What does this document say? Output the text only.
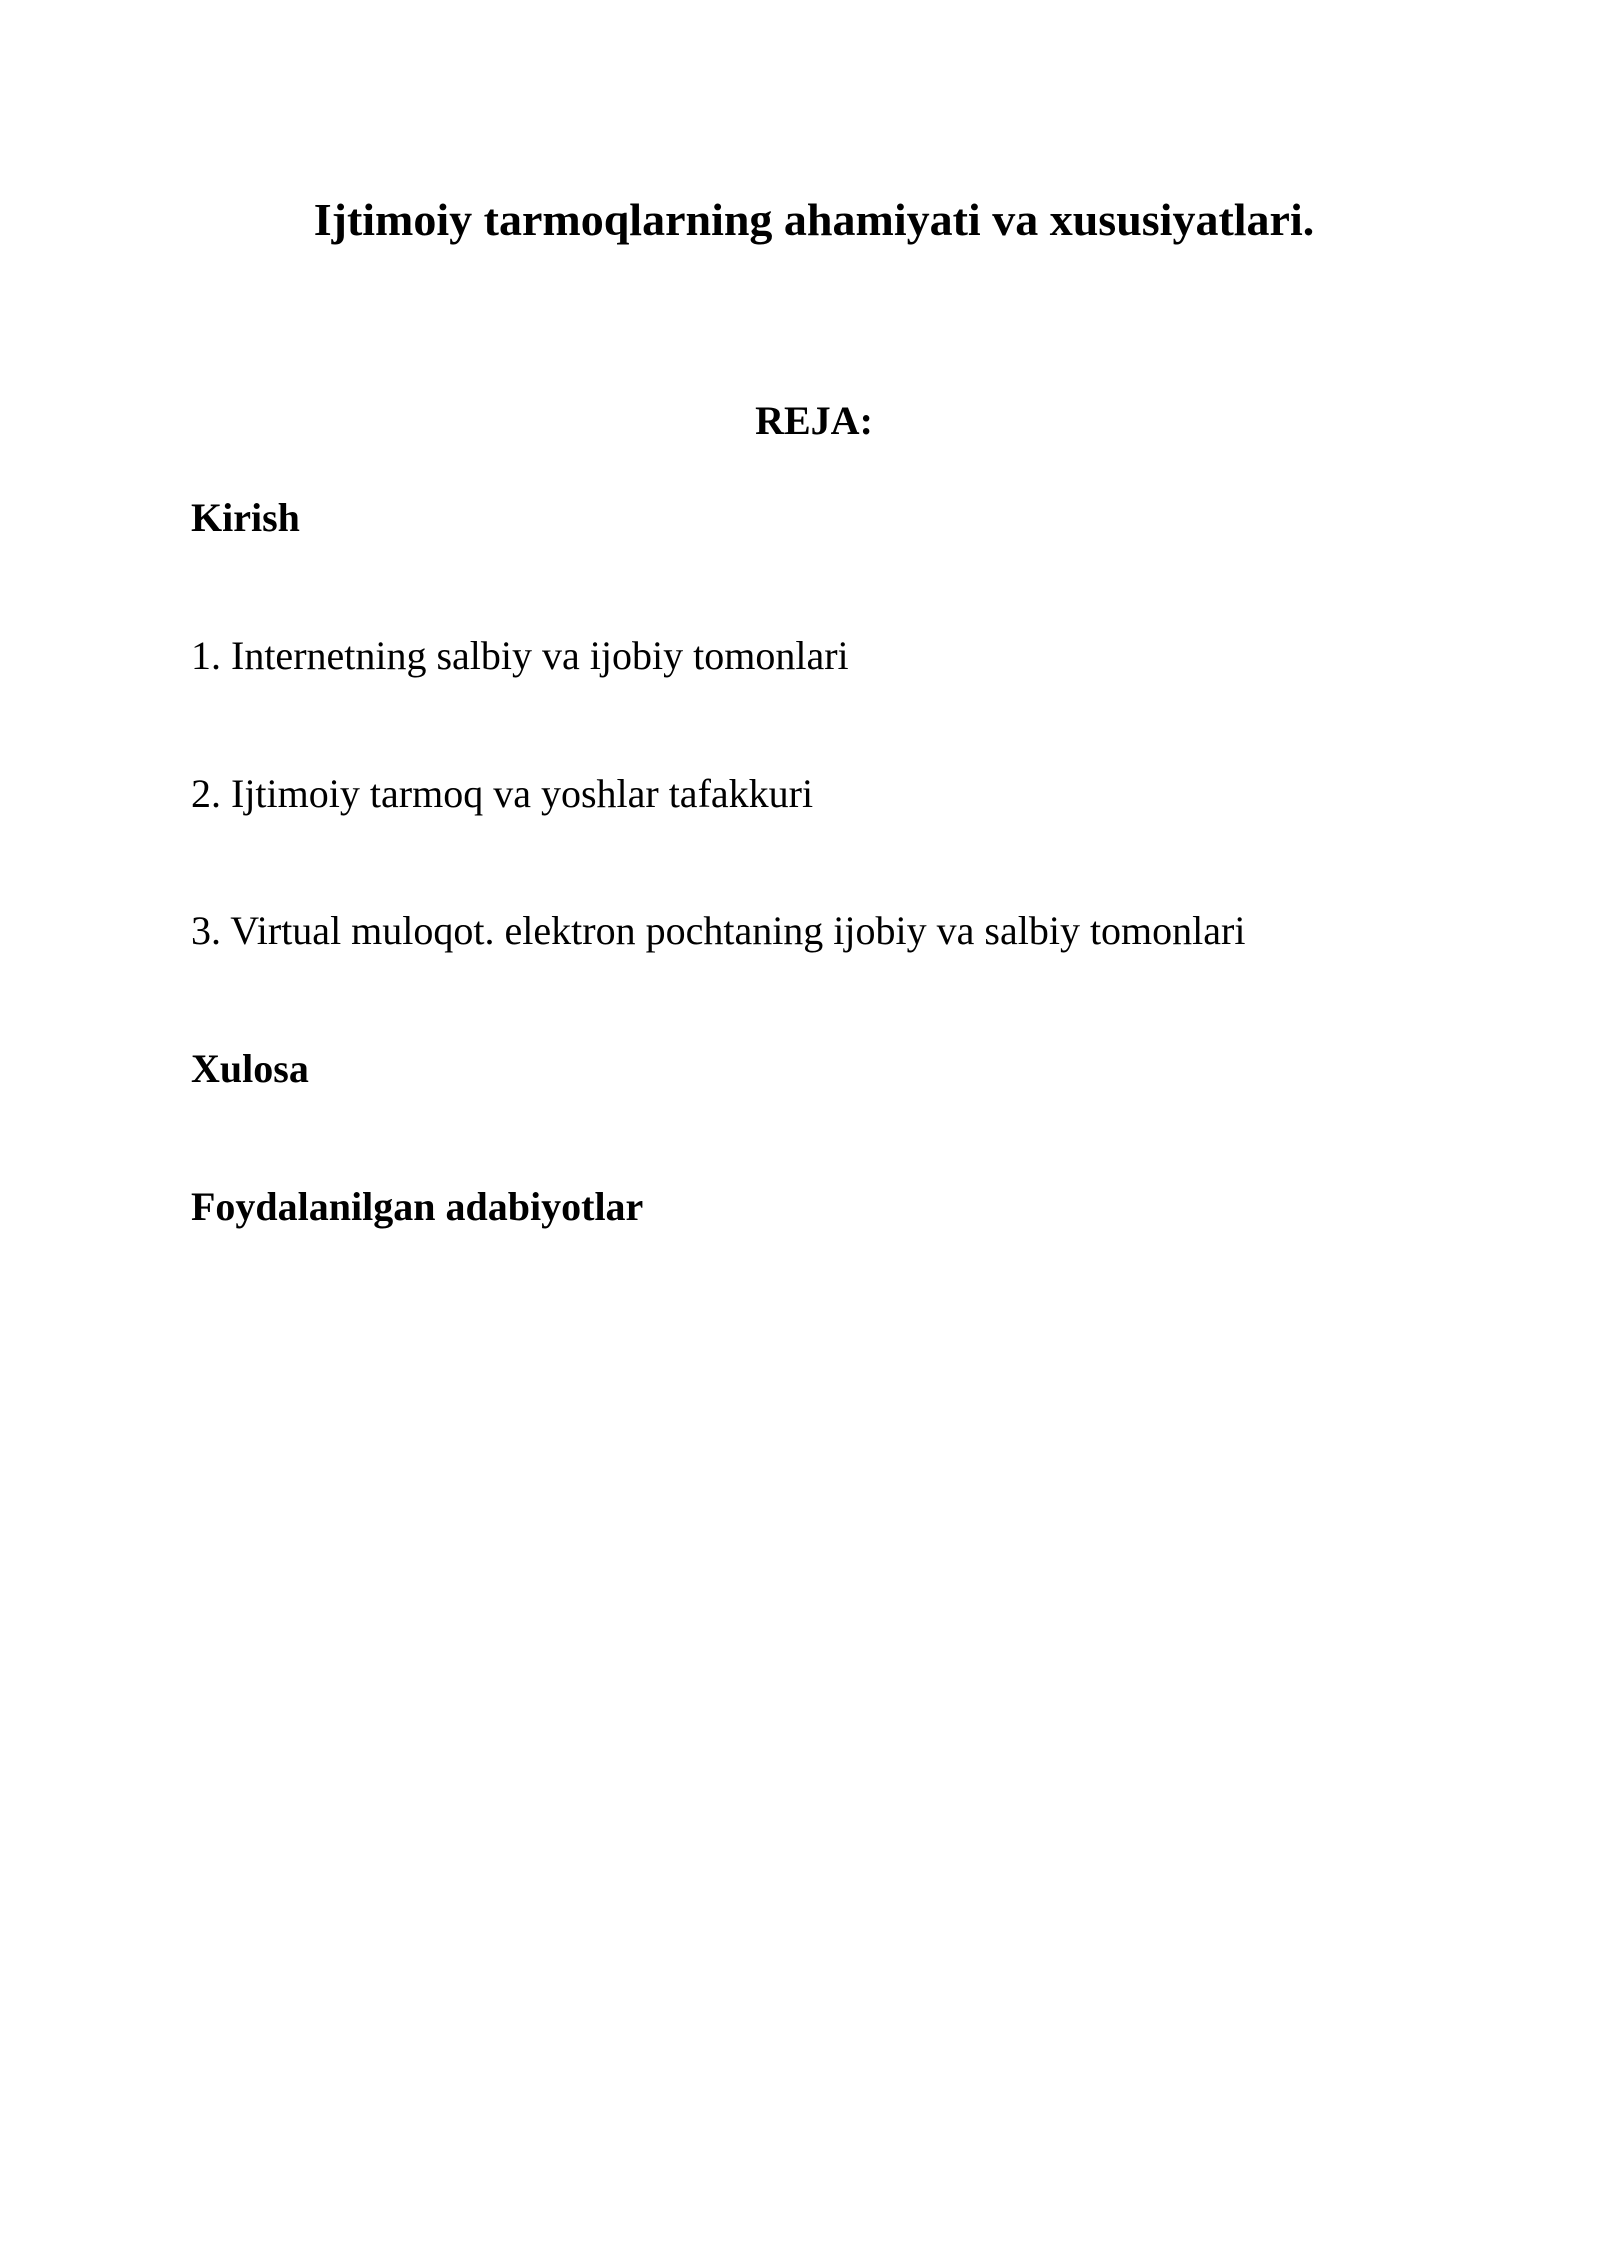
Ijtimoiy tarmoqlarning ahamiyati va xususiyatlari.
REJA:

Kirish

1. Internetning salbiy va ijobiy tomonlari

2. Ijtimoiy tarmoq va yoshlar tafakkuri

3. Virtual muloqot. elektron pochtaning ijobiy va salbiy tomonlari

Xulosa

Foydalanilgan adabiyotlar
